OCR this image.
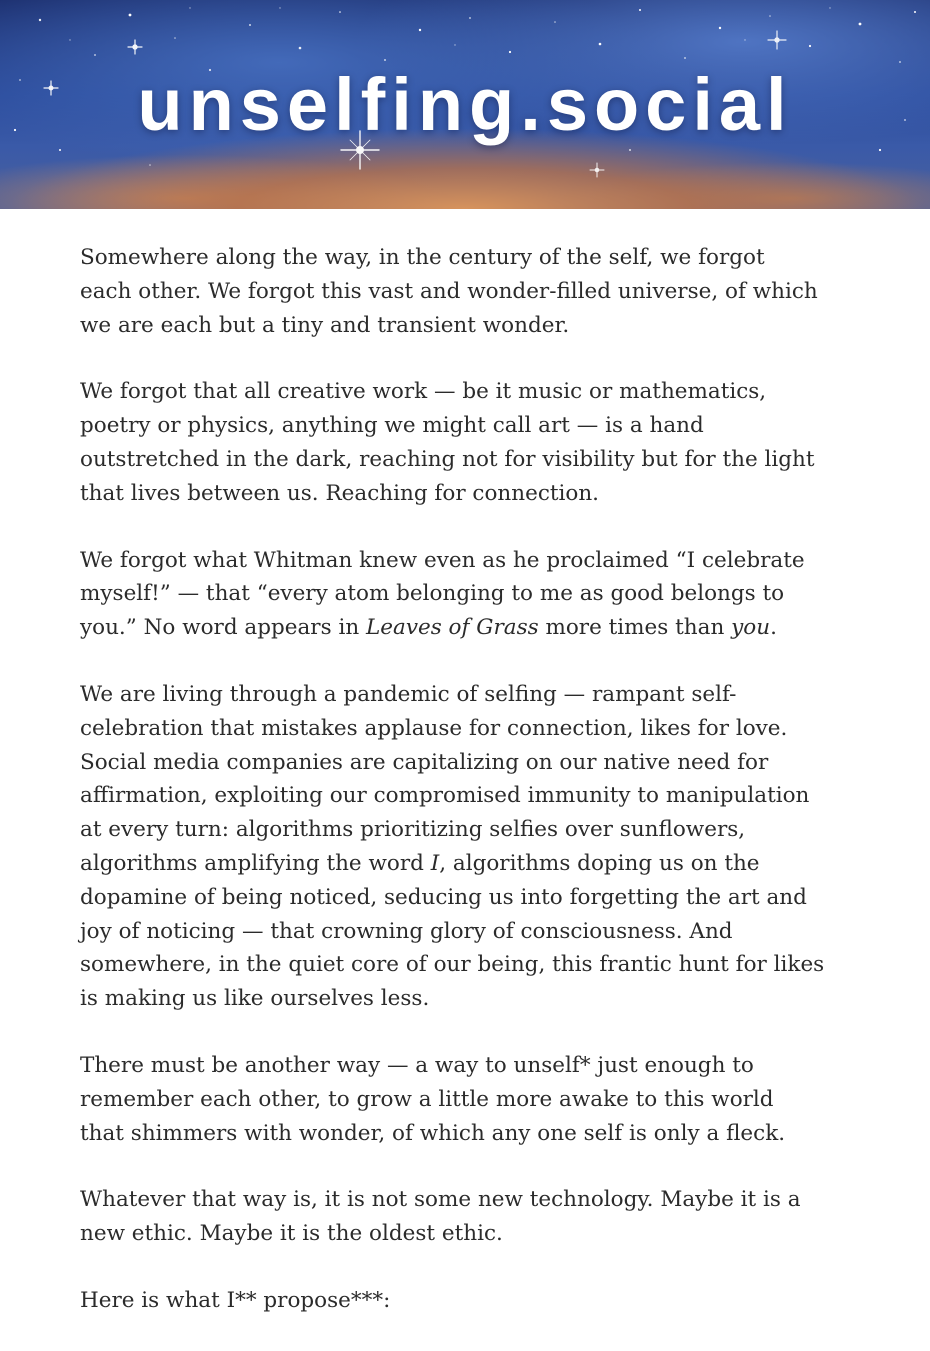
unselfing.social

Somewhere along the way, in the century of the self, we forgot
each other. We forgot this vast and wonder-filled universe, of which
we are each but a tiny and transient wonder.

We forgot that all creative work — be it music or mathematics,
poetry or physics, anything we might call art — is a hand
outstretched in the dark, reaching not for visibility but for the light
that lives between us. Reaching for connection.

We forgot what Whitman knew even as he proclaimed “I celebrate
myself!” — that “every atom belonging to me as good belongs to
you.” No word appears in Leaves of Grass more times than you.

We are living through a pandemic of selfing — rampant self-
celebration that mistakes applause for connection, likes for love.
Social media companies are capitalizing on our native need for
affirmation, exploiting our compromised immunity to manipulation
at every turn: algorithms prioritizing selfies over sunflowers,
algorithms amplifying the word I, algorithms doping us on the
dopamine of being noticed, seducing us into forgetting the art and
joy of noticing — that crowning glory of consciousness. And
somewhere, in the quiet core of our being, this frantic hunt for likes
is making us like ourselves less.

There must be another way — a way to unself* just enough to
remember each other, to grow a little more awake to this world
that shimmers with wonder, of which any one self is only a fleck.

Whatever that way is, it is not some new technology. Maybe it is a
new ethic. Maybe it is the oldest ethic.

Here is what I** propose***:
